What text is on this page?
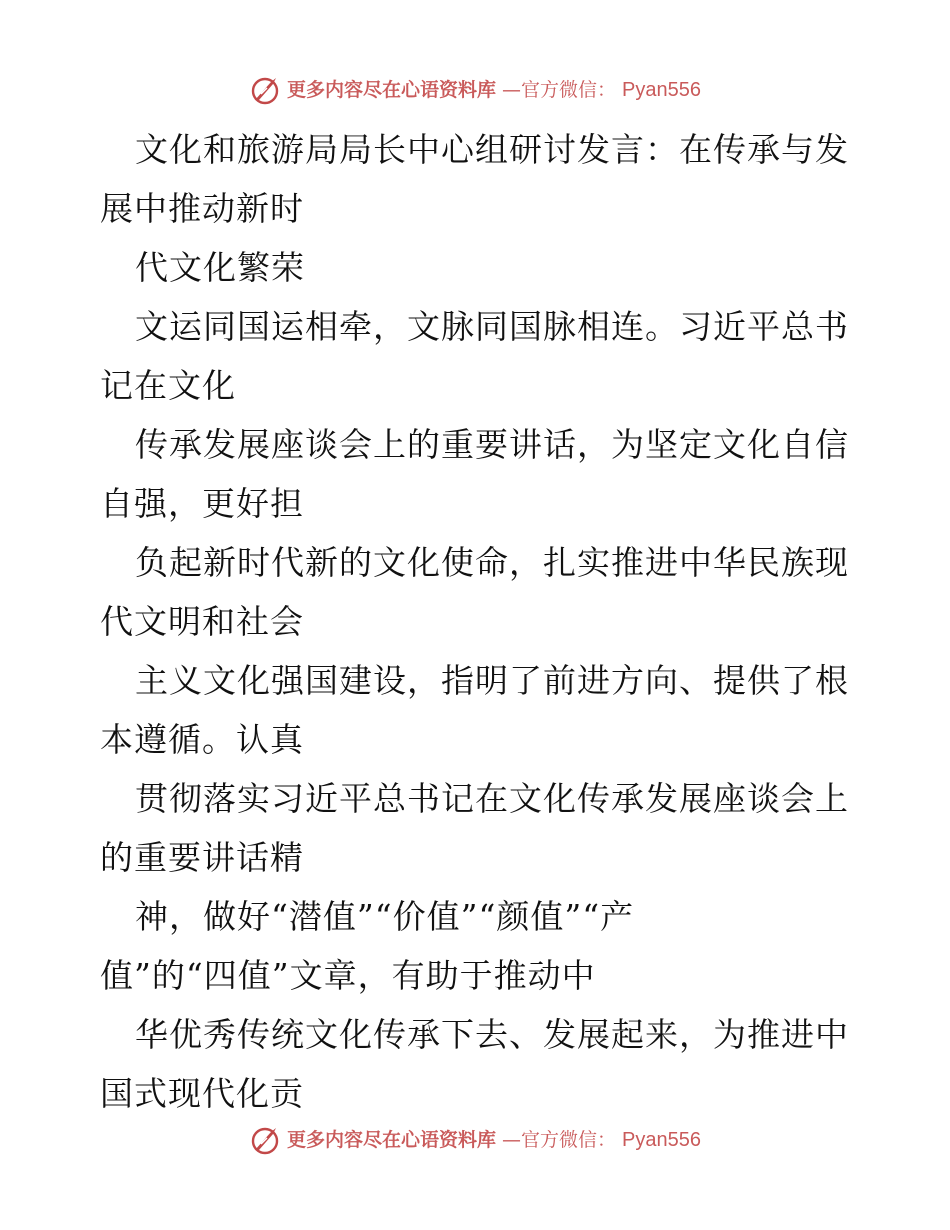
更多内容尽在心语资料库 —官方微信： Pyan556
文化和旅游局局长中心组研讨发言：在传承与发
展中推动新时
代文化繁荣
文运同国运相牵，文脉同国脉相连。习近平总书
记在文化
传承发展座谈会上的重要讲话，为坚定文化自信
自强，更好担
负起新时代新的文化使命，扎实推进中华民族现
代文明和社会
主义文化强国建设，指明了前进方向、提供了根
本遵循。认真
贯彻落实习近平总书记在文化传承发展座谈会上
的重要讲话精
神，做好“潜值”“价值”“颜值”“产
值”的“四值”文章，有助于推动中
华优秀传统文化传承下去、发展起来，为推进中
国式现代化贡
更多内容尽在心语资料库 —官方微信： Pyan556
